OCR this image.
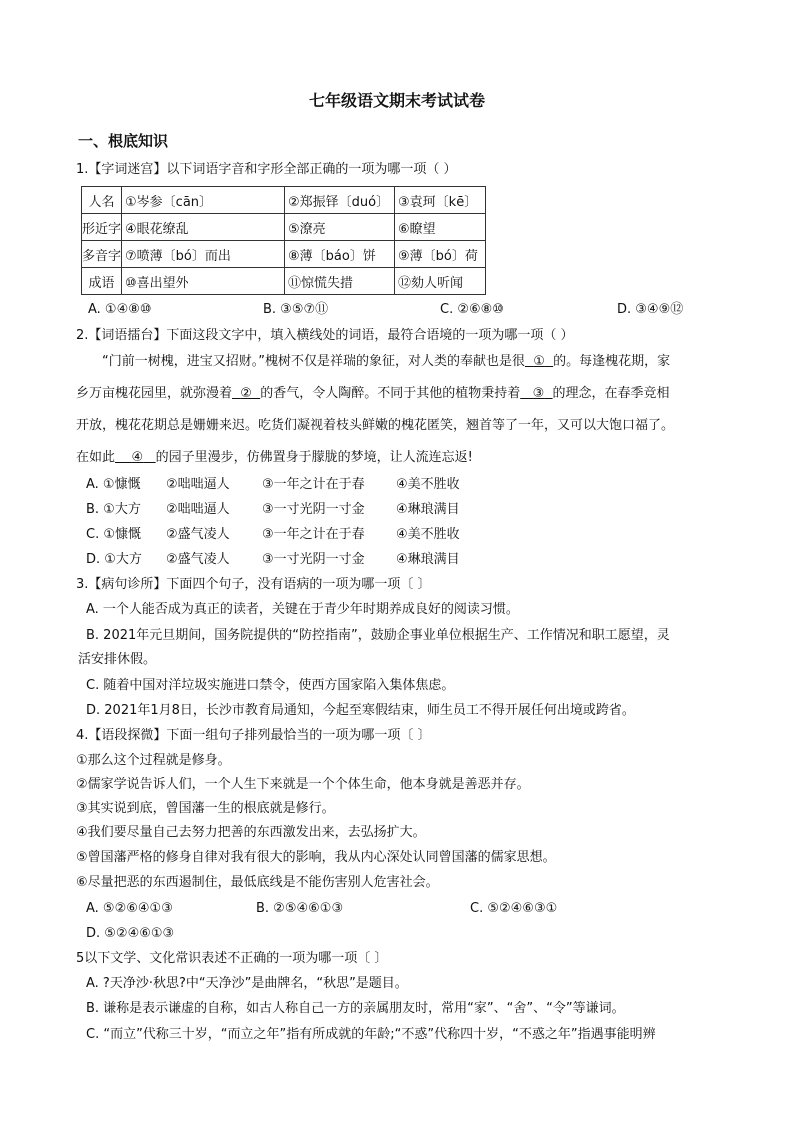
七年级语文期末考试试卷
一、根底知识
1.【字词迷宫】以下词语字音和字形全部正确的一项为哪一项（ ）
人名	①岑参〔cān〕	②郑振铎〔duó〕	③袁珂〔kē〕
形近字	④眼花缭乱	⑤潦亮	⑥瞭望
多音字	⑦喷薄〔bó〕而出	⑧薄〔báo〕饼	⑨薄〔bó〕荷
成语	⑩喜出望外	⑪惊慌失措	⑫劾人听闻
A. ①④⑧⑩	B. ③⑤⑦⑪	C. ②⑥⑧⑩	D. ③④⑨⑫
2.【词语擂台】下面这段文字中，填入横线处的词语，最符合语境的一项为哪一项（ ）
“门前一树槐，进宝又招财。”槐树不仅是祥瑞的象征，对人类的奉献也是很 ① 的。每逢槐花期，家
乡万亩槐花园里，就弥漫着 ② 的香气，令人陶醉。不同于其他的植物秉持着 ③ 的理念，在春季竞相
开放，槐花花期总是姗姗来迟。吃货们凝视着枝头鲜嫩的槐花匿笑，翘首等了一年，又可以大饱口福了。
在如此 ④ 的园子里漫步，仿佛置身于朦胧的梦境，让人流连忘返!
A. ①慷慨 ②咄咄逼人 ③一年之计在于春 ④美不胜收
B. ①大方 ②咄咄逼人 ③一寸光阴一寸金 ④琳琅满目
C. ①慷慨 ②盛气凌人 ③一年之计在于春 ④美不胜收
D. ①大方 ②盛气凌人 ③一寸光阴一寸金 ④琳琅满目
3.【病句诊所】下面四个句子，没有语病的一项为哪一项〔 〕
A. 一个人能否成为真正的读者，关键在于青少年时期养成良好的阅读习惯。
B. 2021年元旦期间，国务院提供的“防控指南”，鼓励企事业单位根据生产、工作情况和职工愿望，灵
活安排休假。
C. 随着中国对洋垃圾实施进口禁令，使西方国家陷入集体焦虑。
D. 2021年1月8日，长沙市教育局通知，今起至寒假结束，师生员工不得开展任何出境或跨省。
4.【语段探微】下面一组句子排列最恰当的一项为哪一项〔 〕
①那么这个过程就是修身。
②儒家学说告诉人们，一个人生下来就是一个个体生命，他本身就是善恶并存。
③其实说到底，曾国藩一生的根底就是修行。
④我们要尽量自己去努力把善的东西激发出来，去弘扬扩大。
⑤曾国藩严格的修身自律对我有很大的影响，我从内心深处认同曾国藩的儒家思想。
⑥尽量把恶的东西遏制住，最低底线是不能伤害别人危害社会。
A. ⑤②⑥④①③	B. ②⑤④⑥①③	C. ⑤②④⑥③①
D. ⑤②④⑥①③
5以下文学、文化常识表述不正确的一项为哪一项〔 〕
A. ?天净沙·秋思?中“天净沙”是曲牌名，“秋思”是题目。
B. 谦称是表示谦虚的自称，如古人称自己一方的亲属朋友时，常用“家”、“舍”、“令”等谦词。
C. “而立”代称三十岁，“而立之年”指有所成就的年龄;“不惑”代称四十岁，“不惑之年”指遇事能明辨
